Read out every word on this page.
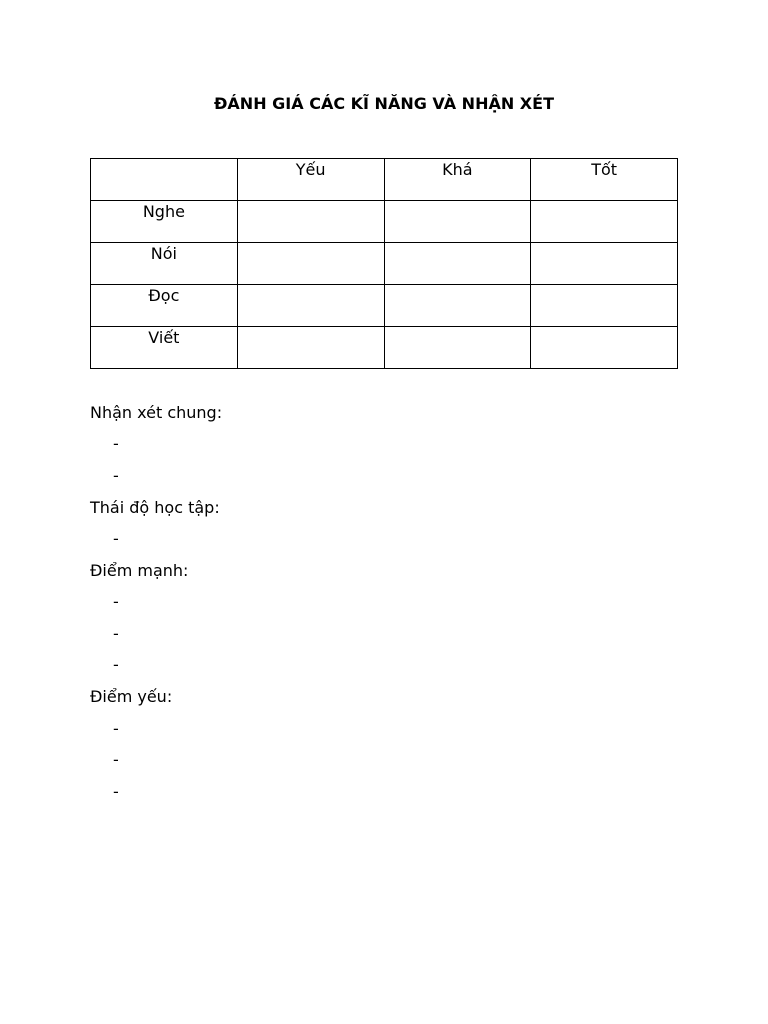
ĐÁNH GIÁ CÁC KĨ NĂNG VÀ NHẬN XÉT

	Yếu	Khá	Tốt

Nghe			

Nói			

Đọc			

Viết			

Nhận xét chung:
-
-
Thái độ học tập:
-
Điểm mạnh:
-
-
-
Điểm yếu:
-
-
-
